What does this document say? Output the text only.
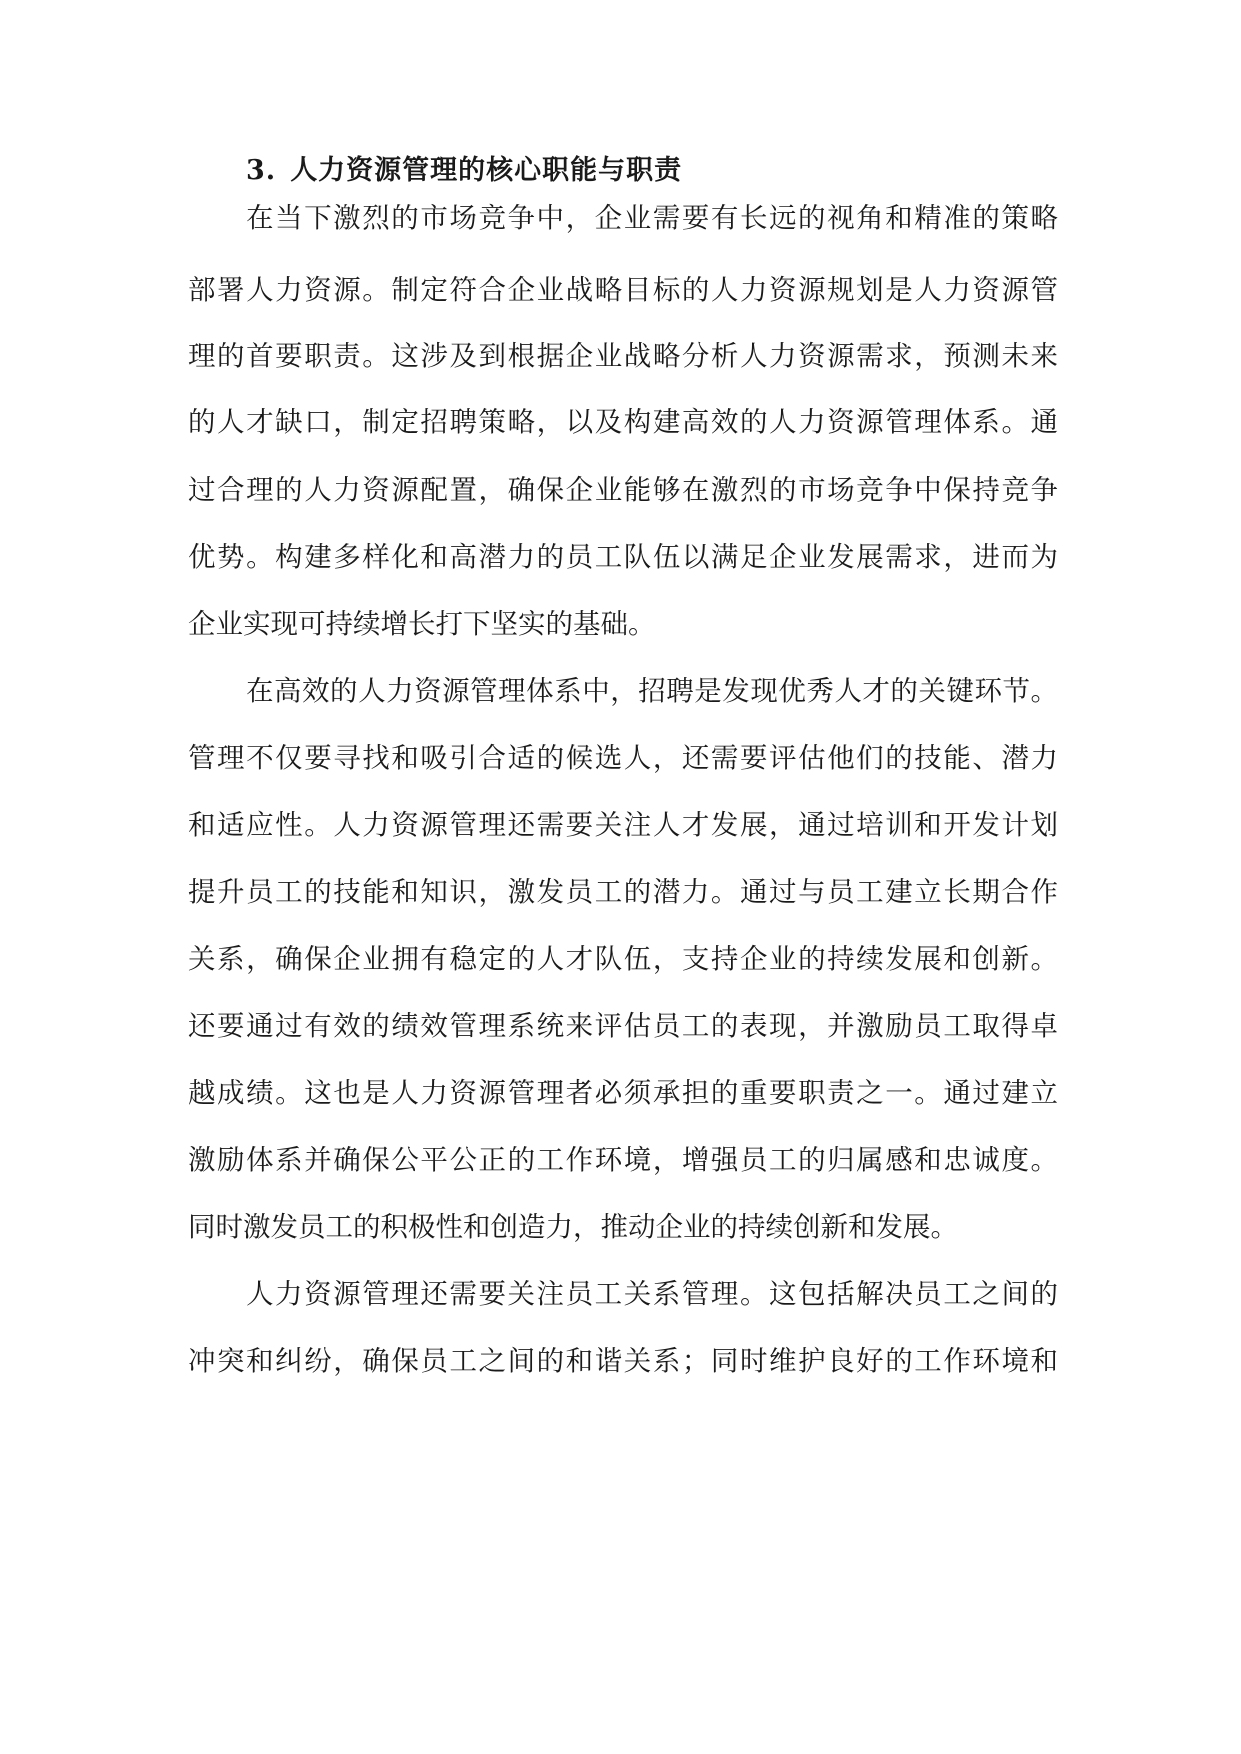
3. 人力资源管理的核心职能与职责

在当下激烈的市场竞争中，企业需要有长远的视角和精准的策略

部署人力资源。制定符合企业战略目标的人力资源规划是人力资源管

理的首要职责。这涉及到根据企业战略分析人力资源需求，预测未来

的人才缺口，制定招聘策略，以及构建高效的人力资源管理体系。通

过合理的人力资源配置，确保企业能够在激烈的市场竞争中保持竞争

优势。构建多样化和高潜力的员工队伍以满足企业发展需求，进而为

企业实现可持续增长打下坚实的基础。

在高效的人力资源管理体系中，招聘是发现优秀人才的关键环节。

管理不仅要寻找和吸引合适的候选人，还需要评估他们的技能、潜力

和适应性。人力资源管理还需要关注人才发展，通过培训和开发计划

提升员工的技能和知识，激发员工的潜力。通过与员工建立长期合作

关系，确保企业拥有稳定的人才队伍，支持企业的持续发展和创新。

还要通过有效的绩效管理系统来评估员工的表现，并激励员工取得卓

越成绩。这也是人力资源管理者必须承担的重要职责之一。通过建立

激励体系并确保公平公正的工作环境，增强员工的归属感和忠诚度。

同时激发员工的积极性和创造力，推动企业的持续创新和发展。

人力资源管理还需要关注员工关系管理。这包括解决员工之间的

冲突和纠纷，确保员工之间的和谐关系；同时维护良好的工作环境和
